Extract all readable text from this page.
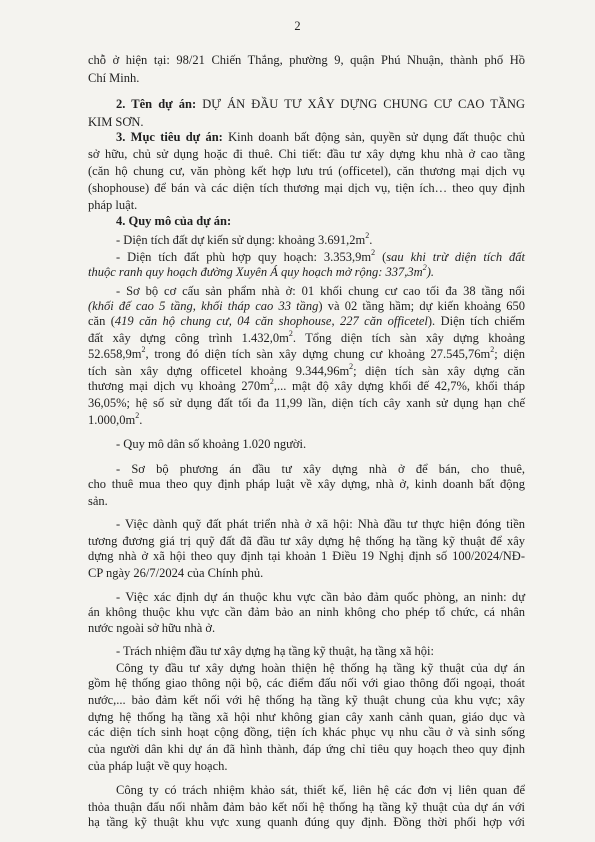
2
chỗ ở hiện tại: 98/21 Chiến Thắng, phường 9, quận Phú Nhuận, thành phố Hồ
Chí Minh.
2. Tên dự án: DỰ ÁN ĐẦU TƯ XÂY DỰNG CHUNG CƯ CAO TẦNG
KIM SƠN.
3. Mục tiêu dự án: Kinh doanh bất động sản, quyền sử dụng đất thuộc chủ
sở hữu, chủ sử dụng hoặc đi thuê. Chi tiết: đầu tư xây dựng khu nhà ở cao tầng
(căn hộ chung cư, văn phòng kết hợp lưu trú (officetel), căn thương mại dịch vụ
(shophouse) để bán và các diện tích thương mại dịch vụ, tiện ích… theo quy định
pháp luật.
4. Quy mô của dự án:
- Diện tích đất dự kiến sử dụng: khoảng $3.691,2m^2$.
- Diện tích đất phù hợp quy hoạch: $3.353,9m^2$ (sau khi trừ diện tích đất
thuộc ranh quy hoạch đường Xuyên Á quy hoạch mở rộng: $337,3m^2$).
- Sơ bộ cơ cấu sản phẩm nhà ở: 01 khối chung cư cao tối đa 38 tầng nổi
(khối đế cao 5 tầng, khối tháp cao 33 tầng) và 02 tầng hầm; dự kiến khoảng 650
căn (419 căn hộ chung cư, 04 căn shophouse, 227 căn officetel). Diện tích chiếm
đất xây dựng công trình $1.432,0m^2$. Tổng diện tích sàn xây dựng khoảng
$52.658,9m^2$, trong đó diện tích sàn xây dựng chung cư khoảng $27.545,76m^2$; diện
tích sàn xây dựng officetel khoảng $9.344,96m^2$; diện tích sàn xây dựng căn
thương mại dịch vụ khoảng $270m^2$,... mật độ xây dựng khối đế 42,7%, khối tháp
36,05%; hệ số sử dụng đất tối đa 11,99 lần, diện tích cây xanh sử dụng hạn chế
$1.000,0m^2$.
- Quy mô dân số khoảng 1.020 người.
- Sơ bộ phương án đầu tư xây dựng nhà ở để bán, cho thuê,
cho thuê mua theo quy định pháp luật về xây dựng, nhà ở, kinh doanh bất động
sản.
- Việc dành quỹ đất phát triển nhà ở xã hội: Nhà đầu tư thực hiện đóng tiền
tương đương giá trị quỹ đất đã đầu tư xây dựng hệ thống hạ tầng kỹ thuật để xây
dựng nhà ở xã hội theo quy định tại khoản 1 Điều 19 Nghị định số 100/2024/NĐ-
CP ngày 26/7/2024 của Chính phủ.
- Việc xác định dự án thuộc khu vực cần bảo đảm quốc phòng, an ninh: dự
án không thuộc khu vực cần đảm bảo an ninh không cho phép tổ chức, cá nhân
nước ngoài sở hữu nhà ở.
- Trách nhiệm đầu tư xây dựng hạ tầng kỹ thuật, hạ tầng xã hội:
Công ty đầu tư xây dựng hoàn thiện hệ thống hạ tầng kỹ thuật của dự án
gồm hệ thống giao thông nội bộ, các điểm đấu nối với giao thông đối ngoại, thoát
nước,... bảo đảm kết nối với hệ thống hạ tầng kỹ thuật chung của khu vực; xây
dựng hệ thống hạ tầng xã hội như không gian cây xanh cảnh quan, giáo dục và
các diện tích sinh hoạt cộng đồng, tiện ích khác phục vụ nhu cầu ở và sinh sống
của người dân khi dự án đã hình thành, đáp ứng chỉ tiêu quy hoạch theo quy định
của pháp luật về quy hoạch.
Công ty có trách nhiệm khảo sát, thiết kế, liên hệ các đơn vị liên quan để
thỏa thuận đấu nối nhằm đảm bảo kết nối hệ thống hạ tầng kỹ thuật của dự án với
hạ tầng kỹ thuật khu vực xung quanh đúng quy định. Đồng thời phối hợp với
